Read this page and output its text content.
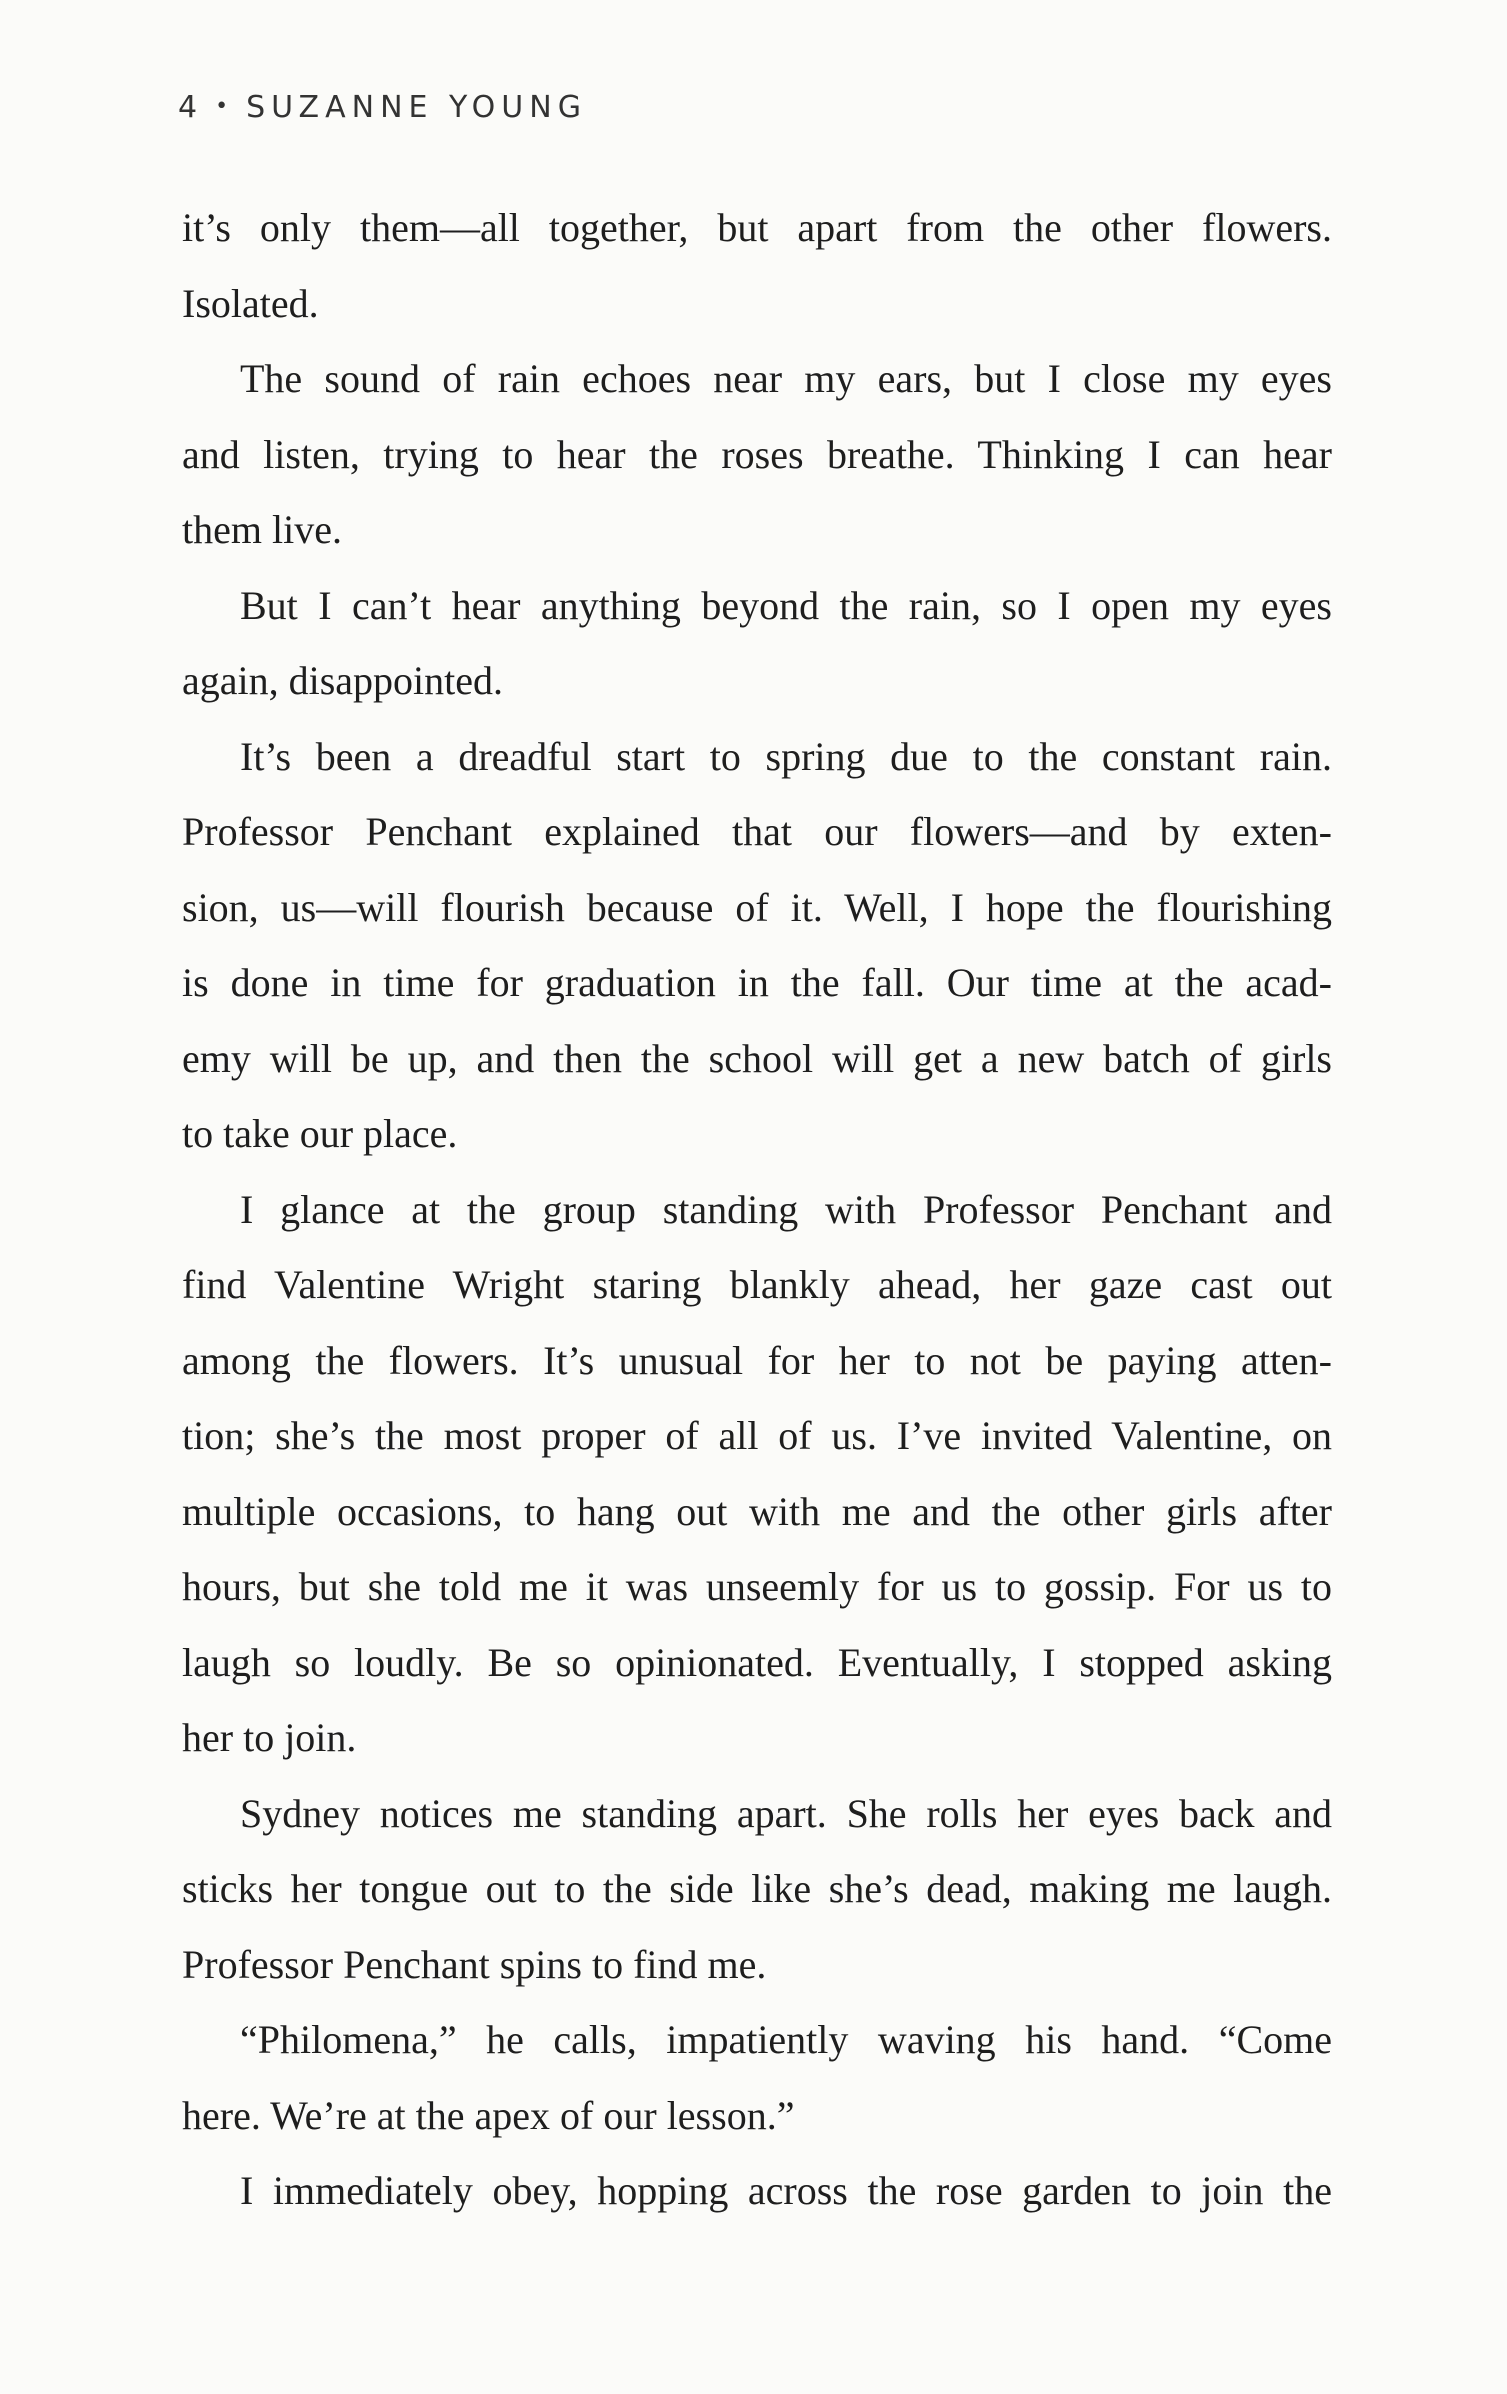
4 • SUZANNE YOUNG
it’s only them—all together, but apart from the other flowers.
Isolated.
The sound of rain echoes near my ears, but I close my eyes
and listen, trying to hear the roses breathe. Thinking I can hear
them live.
But I can’t hear anything beyond the rain, so I open my eyes
again, disappointed.
It’s been a dreadful start to spring due to the constant rain.
Professor Penchant explained that our flowers—and by exten-
sion, us—will flourish because of it. Well, I hope the flourishing
is done in time for graduation in the fall. Our time at the acad-
emy will be up, and then the school will get a new batch of girls
to take our place.
I glance at the group standing with Professor Penchant and
find Valentine Wright staring blankly ahead, her gaze cast out
among the flowers. It’s unusual for her to not be paying atten-
tion; she’s the most proper of all of us. I’ve invited Valentine, on
multiple occasions, to hang out with me and the other girls after
hours, but she told me it was unseemly for us to gossip. For us to
laugh so loudly. Be so opinionated. Eventually, I stopped asking
her to join.
Sydney notices me standing apart. She rolls her eyes back and
sticks her tongue out to the side like she’s dead, making me laugh.
Professor Penchant spins to find me.
“Philomena,” he calls, impatiently waving his hand. “Come
here. We’re at the apex of our lesson.”
I immediately obey, hopping across the rose garden to join the
